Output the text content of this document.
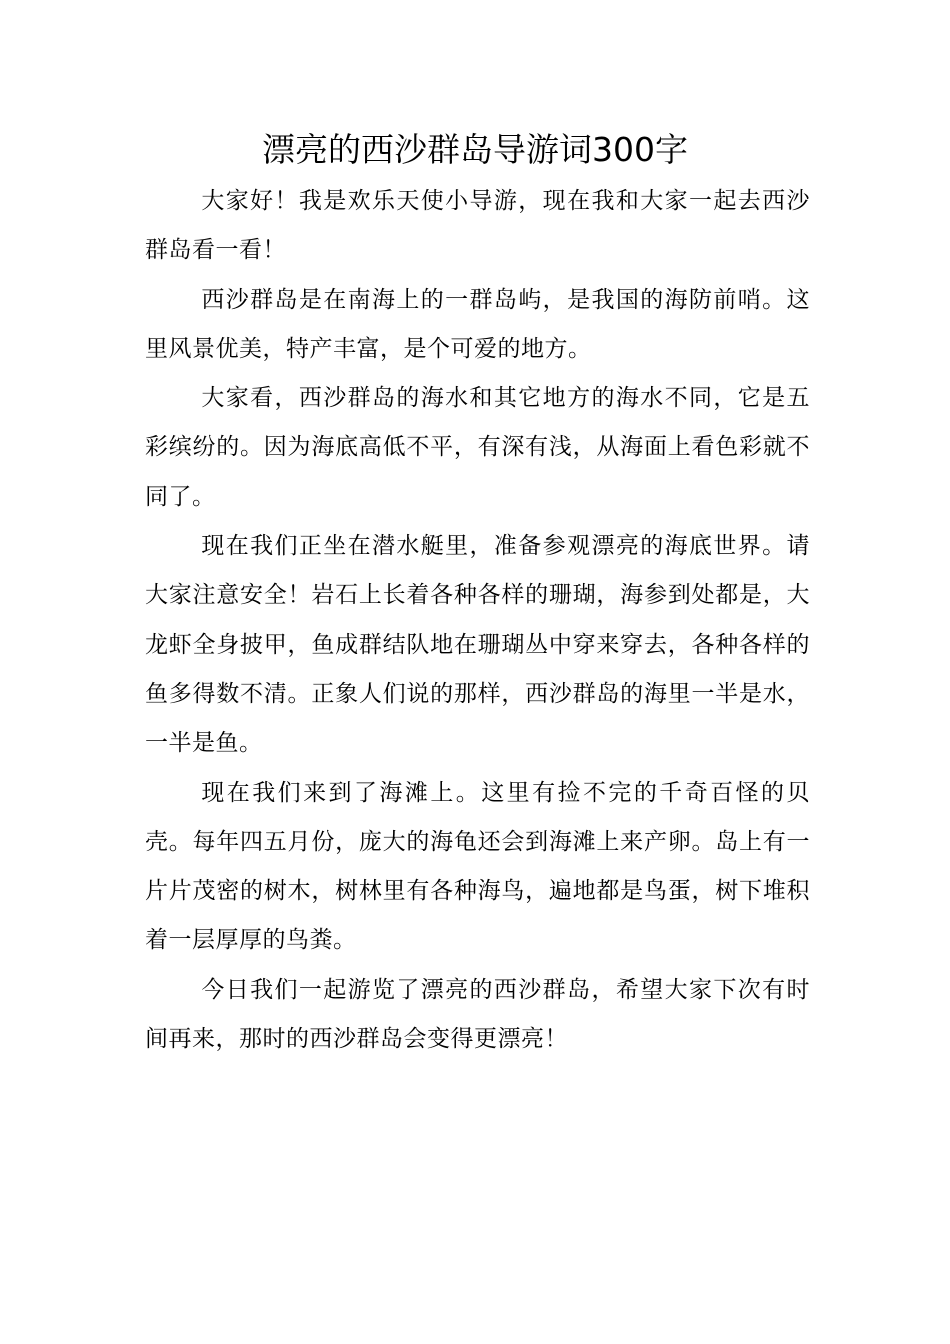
漂亮的西沙群岛导游词300字

大家好！我是欢乐天使小导游，现在我和大家一起去西沙群岛看一看！

西沙群岛是在南海上的一群岛屿，是我国的海防前哨。这里风景优美，特产丰富，是个可爱的地方。

大家看，西沙群岛的海水和其它地方的海水不同，它是五彩缤纷的。因为海底高低不平，有深有浅，从海面上看色彩就不同了。

现在我们正坐在潜水艇里，准备参观漂亮的海底世界。请大家注意安全！岩石上长着各种各样的珊瑚，海参到处都是，大龙虾全身披甲，鱼成群结队地在珊瑚丛中穿来穿去，各种各样的鱼多得数不清。正象人们说的那样，西沙群岛的海里一半是水，一半是鱼。

现在我们来到了海滩上。这里有捡不完的千奇百怪的贝壳。每年四五月份，庞大的海龟还会到海滩上来产卵。岛上有一片片茂密的树木，树林里有各种海鸟，遍地都是鸟蛋，树下堆积着一层厚厚的鸟粪。

今日我们一起游览了漂亮的西沙群岛，希望大家下次有时间再来，那时的西沙群岛会变得更漂亮！
